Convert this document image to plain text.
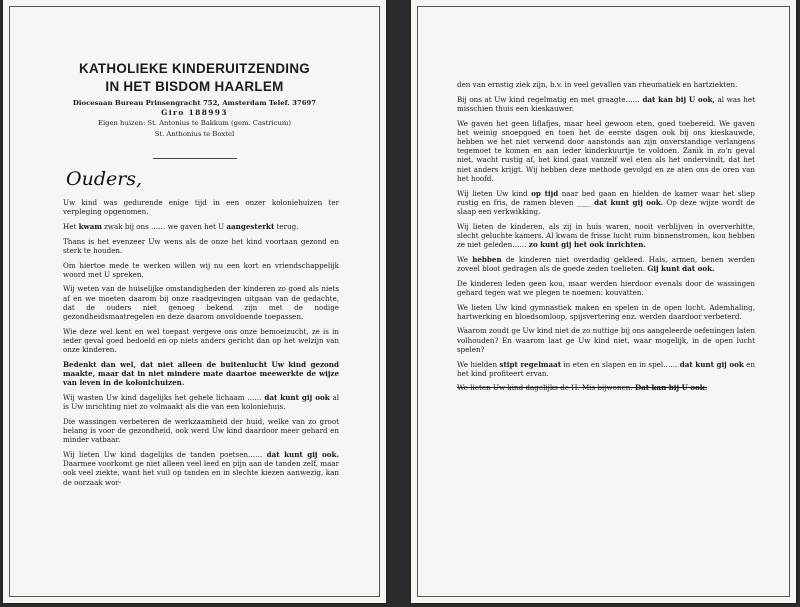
KATHOLIEKE KINDERUITZENDING
IN HET BISDOM HAARLEM
Diocesaan Bureau Prinsengracht 752, Amsterdam Telef. 37697
Giro 188993
Eigen huizen: St. Antonius te Bakkum (gem. Castricum)
St. Anthonius te Boxtel
Ouders,

Uw kind was gedurende enige tijd in een onzer koloniehuizen ter verpleging opgenomen.

Het kwam zwak bij ons …… we gaven het U aangesterkt terug.

Thans is het evenzeer Uw wens als de onze het kind voortaan gezond en sterk te houden.

Om hiertoe mede te werken willen wij nu een kort en vriendschappelijk woord met U spreken.

Wij weten van de huiselijke omstandigheden der kinderen zo goed als niets af en we moeten daarom bij onze raadgevingen uitgaan van de gedachte, dat de ouders niet genoeg bekend zijn met de nodige gezondheidsmaatregelen en deze daarom onvoldoende toepassen.

Wie deze wel kent en wel toepast vergeve ons onze bemoeizucht, ze is in ieder geval goed bedoeld en op niets anders gericht dan op het welzijn van onze kinderen.

Bedenkt dan wel, dat niet alleen de buitenlucht Uw kind gezond maakte, maar dat in niet mindere mate daartoe meewerkte de wijze van leven in de kolonichuizen.

Wij wasten Uw kind dagelijks het gehele lichaam …… dat kunt gij ook al is Uw inrichting niet zo volmaakt als die van een koloniehuis.

Die wassingen verbeteren de werkzaamheid der huid, welke van zo groot belang is voor de gezondheid, ook werd Uw kind daardoor meer gehard en minder vatbaar.

Wij lieten Uw kind dagelijks de tanden poetsen…… dat kunt gij ook. Daarmee voorkomt ge niet alleen veel leed en pijn aan de tanden zelf, maar ook veel ziekte, want het vuil op tanden en in slechte kiezen aanwezig, kan de oorzaak wor-

den van ernstig ziek zijn, b.v. in veel gevallen van rheumatiek en hartziekten.

Bij ons at Uw kind regelmatig en met graagte…… dat kan bij U ook, al was het misschien thuis een kieskauwer.

We gaven het geen liflafjes, maar heel gewoon eten, goed toebereid. We gaven het weinig snoepgoed en toen het de eerste dagen ook bij ons kieskauwde, hebben we het niet verwend door aanstonds aan zijn onverstandige verlangens tegemoet te komen en aan ieder kinderkuurtje te voldoen. Zanik in zo'n geval niet, wacht rustig af, het kind gaat vanzelf wel eten als het ondervindt, dat het niet anders krijgt. Wij hebben deze methode gevolgd en ze aten ons de oren van het hoofd.

Wij lieten Uw kind op tijd naar bed gaan en hielden de kamer waar het sliep rustig en fris, de ramen bleven ____ dat kunt gij ook. Op deze wijze wordt de slaap een verkwikking.

Wij lieten de kinderen, als zij in huis waren, nooit verblijven in oververhitte, slecht geluchte kamers. Al kwam de frisse lucht ruim binnenstromen, kou hebben ze niet geleden…… zo kunt gij het ook inrichten.

We hebben de kinderen niet overdadig gekleed. Hals, armen, benen werden zoveel bloot gedragen als de goede zeden toelieten. Gij kunt dat ook.

De kinderen leden geen kou, maar werden hierdoor evenals door de wassingen gehard tegen wat we plegen te noemen: kouvatten.

We lieten Uw kind gymnastiek maken en spelen in de open lucht. Ademhaling, hartwerking en bloedsomloop, spijsvertering enz. werden daardoor verbeterd.

Waarom zoudt ge Uw kind niet de zo nuttige bij ons aangeleerde oefeningen laten volhouden? En waarom laat ge Uw kind niet, waar mogelijk, in de open lucht spelen?

We hielden stipt regelmaat in eten en slapen en in spel…… dat kunt gij ook en het kind profiteert ervan.

We lieten Uw kind dagelijks de H. Mis bijwonen. Dat kan bij U ook.
